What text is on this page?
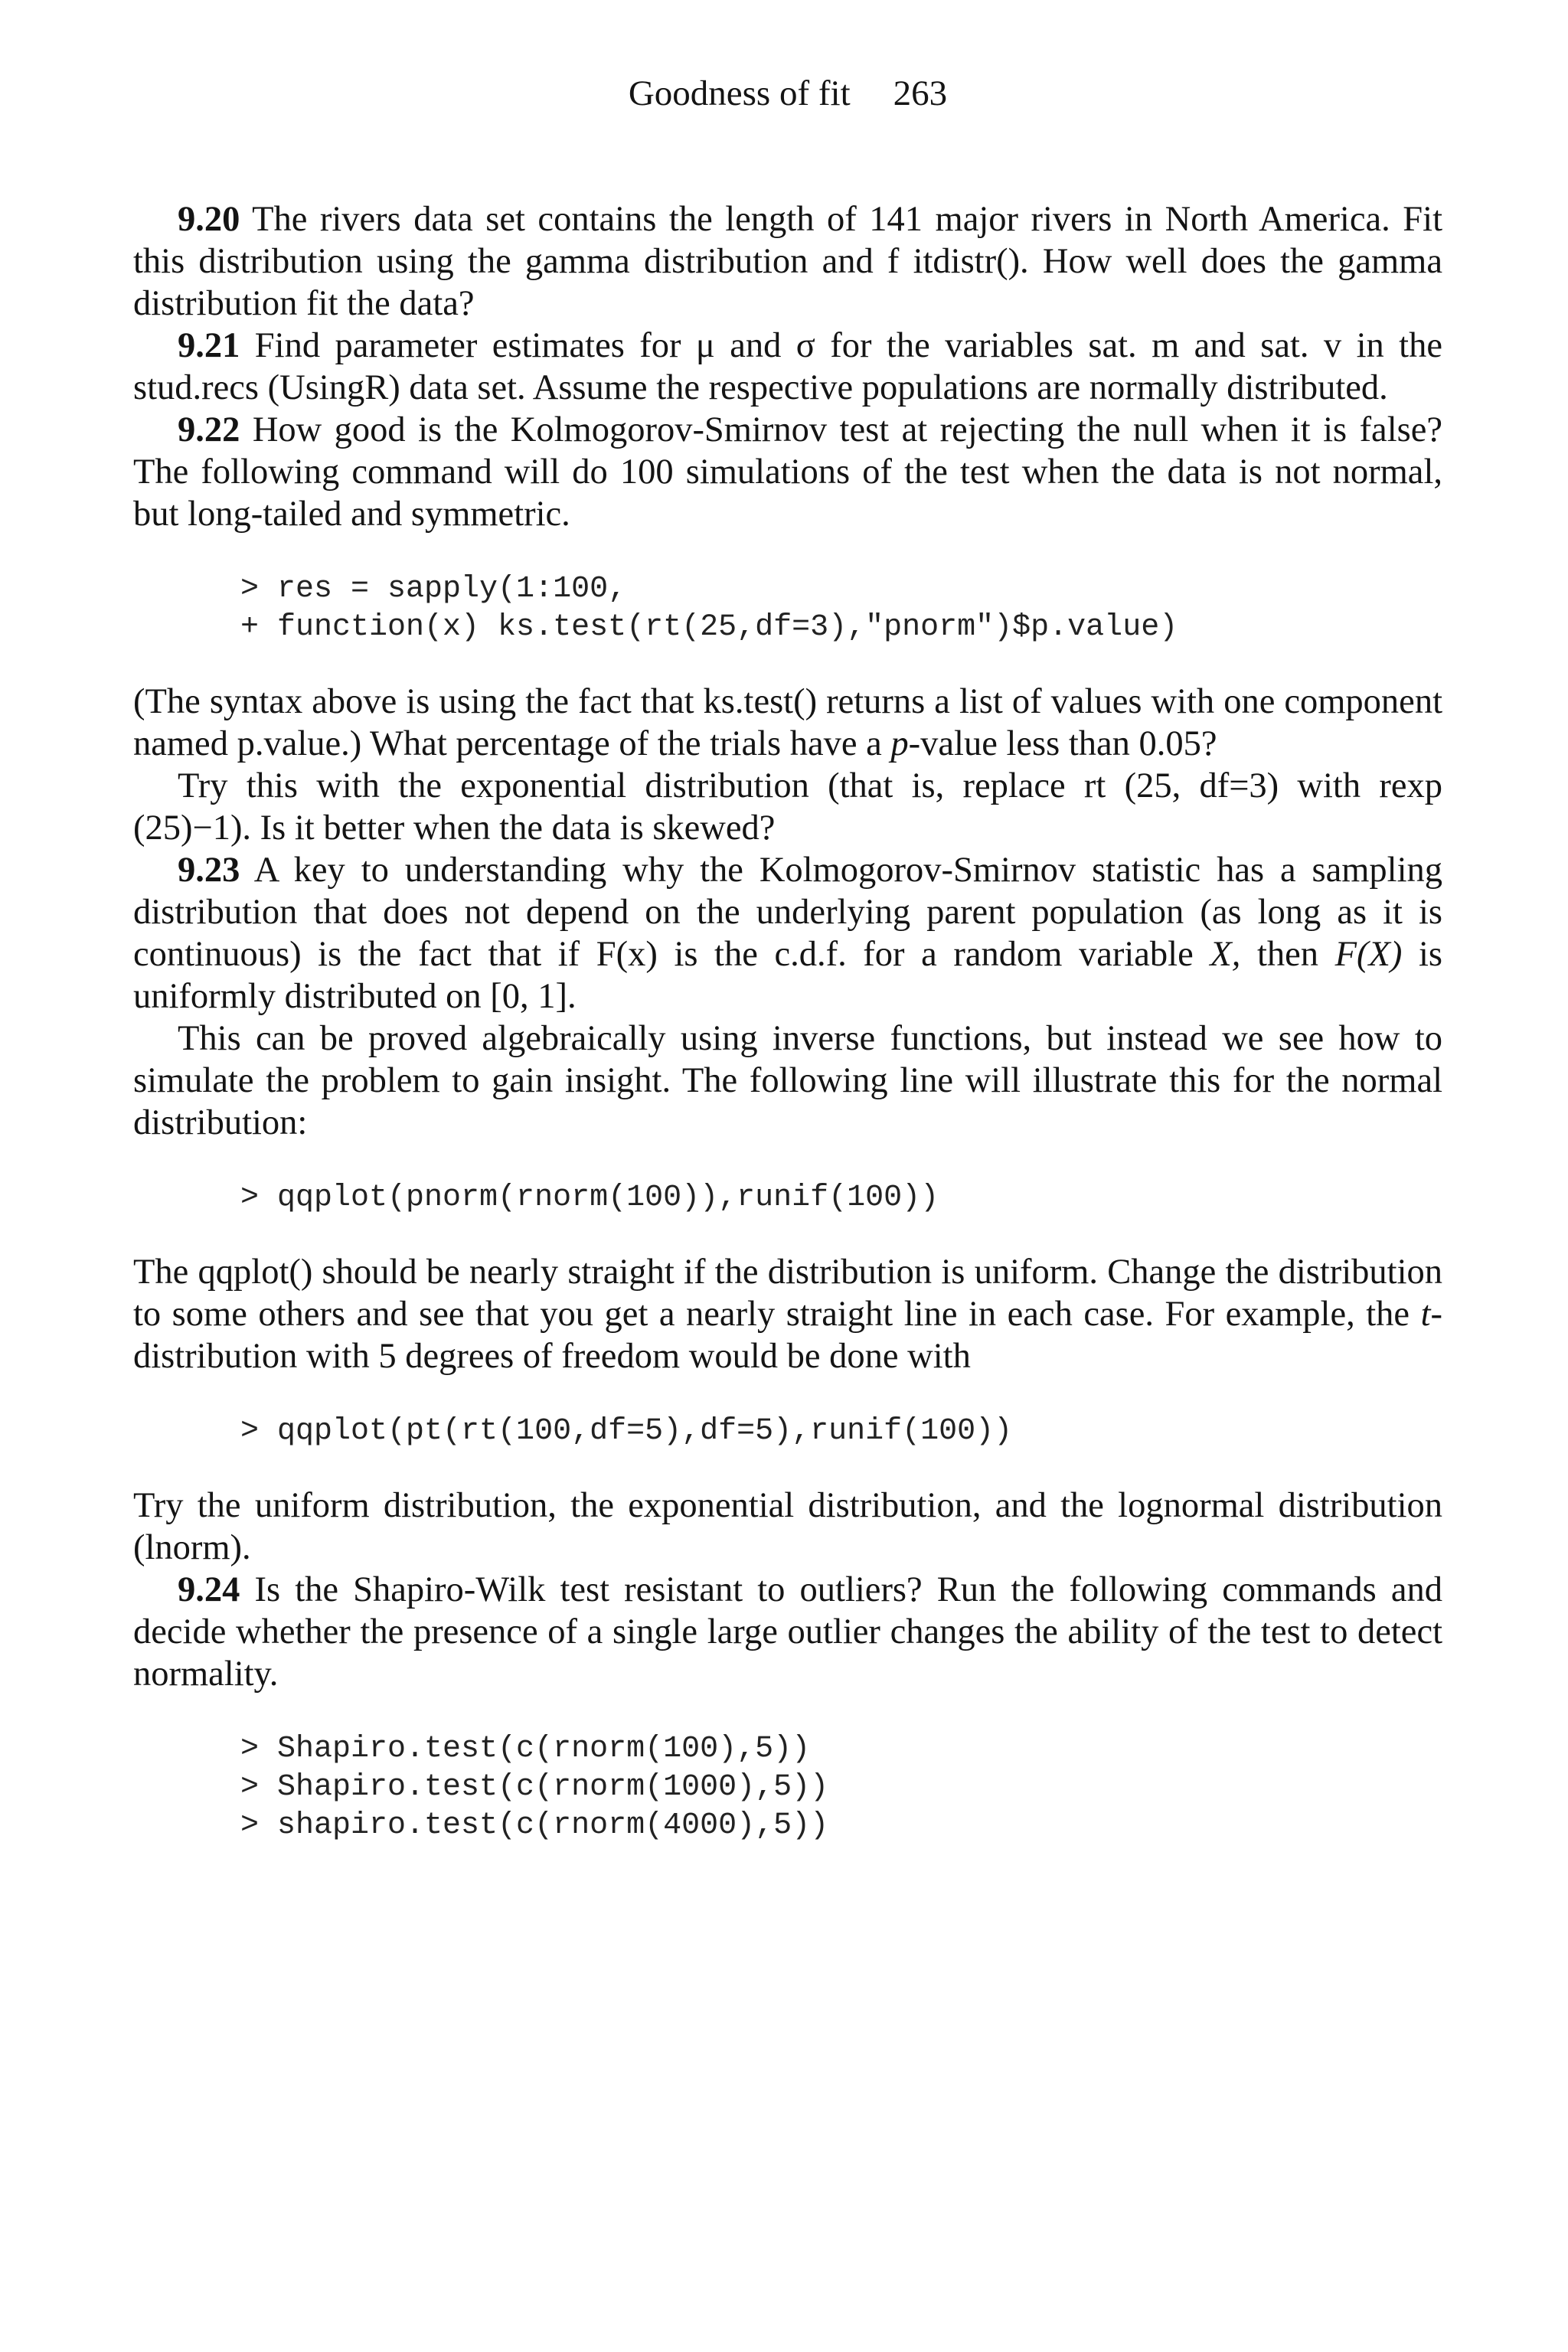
Goodness of fit 263

9.20 The rivers data set contains the length of 141 major rivers in North America. Fit this distribution using the gamma distribution and f itdistr(). How well does the gamma distribution fit the data?

9.21 Find parameter estimates for μ and σ for the variables sat. m and sat. v in the stud.recs (UsingR) data set. Assume the respective populations are normally distributed.

9.22 How good is the Kolmogorov-Smirnov test at rejecting the null when it is false? The following command will do 100 simulations of the test when the data is not normal, but long-tailed and symmetric.

> res = sapply(1:100,
+ function(x) ks.test(rt(25,df=3),"pnorm")$p.value)

(The syntax above is using the fact that ks.test() returns a list of values with one component named p.value.) What percentage of the trials have a p-value less than 0.05?

Try this with the exponential distribution (that is, replace rt (25, df=3) with rexp (25)−1). Is it better when the data is skewed?

9.23 A key to understanding why the Kolmogorov-Smirnov statistic has a sampling distribution that does not depend on the underlying parent population (as long as it is continuous) is the fact that if F(x) is the c.d.f. for a random variable X, then F(X) is uniformly distributed on [0, 1].

This can be proved algebraically using inverse functions, but instead we see how to simulate the problem to gain insight. The following line will illustrate this for the normal distribution:

> qqplot(pnorm(rnorm(100)),runif(100))

The qqplot() should be nearly straight if the distribution is uniform. Change the distribution to some others and see that you get a nearly straight line in each case. For example, the t-distribution with 5 degrees of freedom would be done with

> qqplot(pt(rt(100,df=5),df=5),runif(100))

Try the uniform distribution, the exponential distribution, and the lognormal distribution (lnorm).

9.24 Is the Shapiro-Wilk test resistant to outliers? Run the following commands and decide whether the presence of a single large outlier changes the ability of the test to detect normality.

> Shapiro.test(c(rnorm(100),5))
> Shapiro.test(c(rnorm(1000),5))
> shapiro.test(c(rnorm(4000),5))
